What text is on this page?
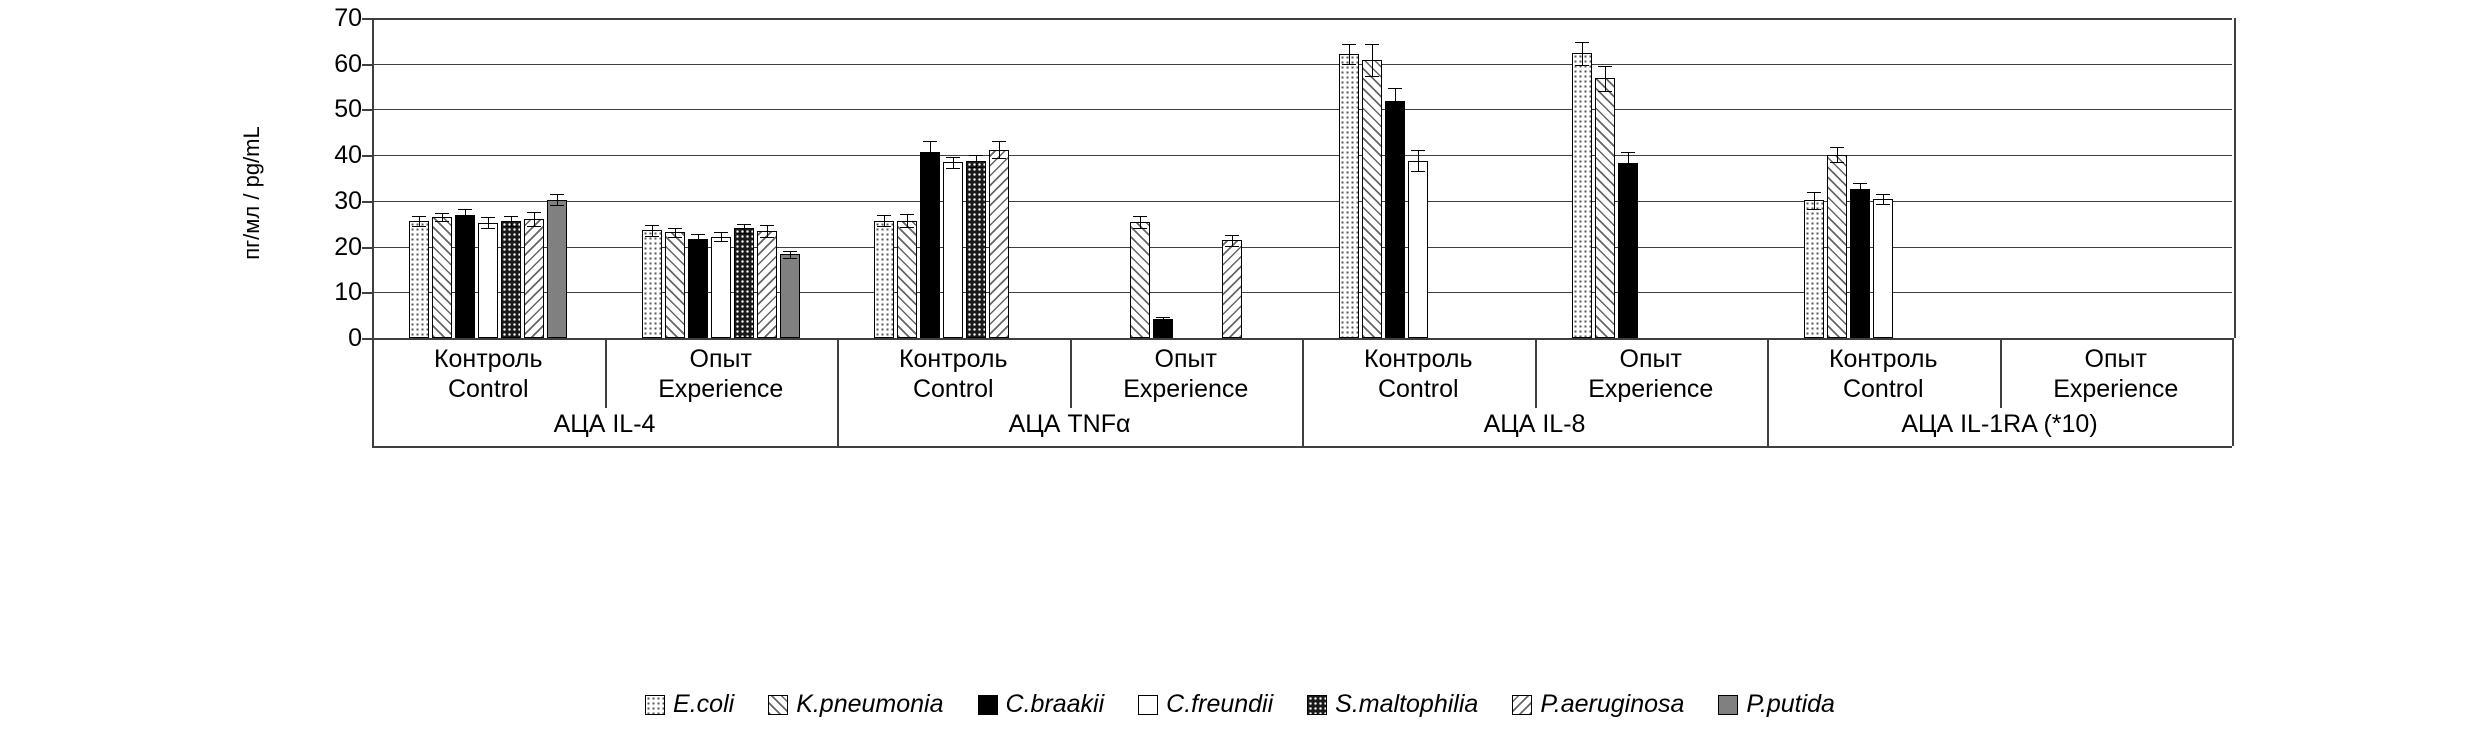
пг/мл / pg/mL
0
10
20
30
40
50
60
70
Контроль
Control
Опыт
Experience
Контроль
Control
Опыт
Experience
Контроль
Control
Опыт
Experience
Контроль
Control
Опыт
Experience
АЦА IL-4	АЦА TNFα	АЦА IL-8	АЦА IL-1RA (*10)
E.coli K.pneumonia C.braakii C.freundii S.maltophilia P.aeruginosa P.putida
